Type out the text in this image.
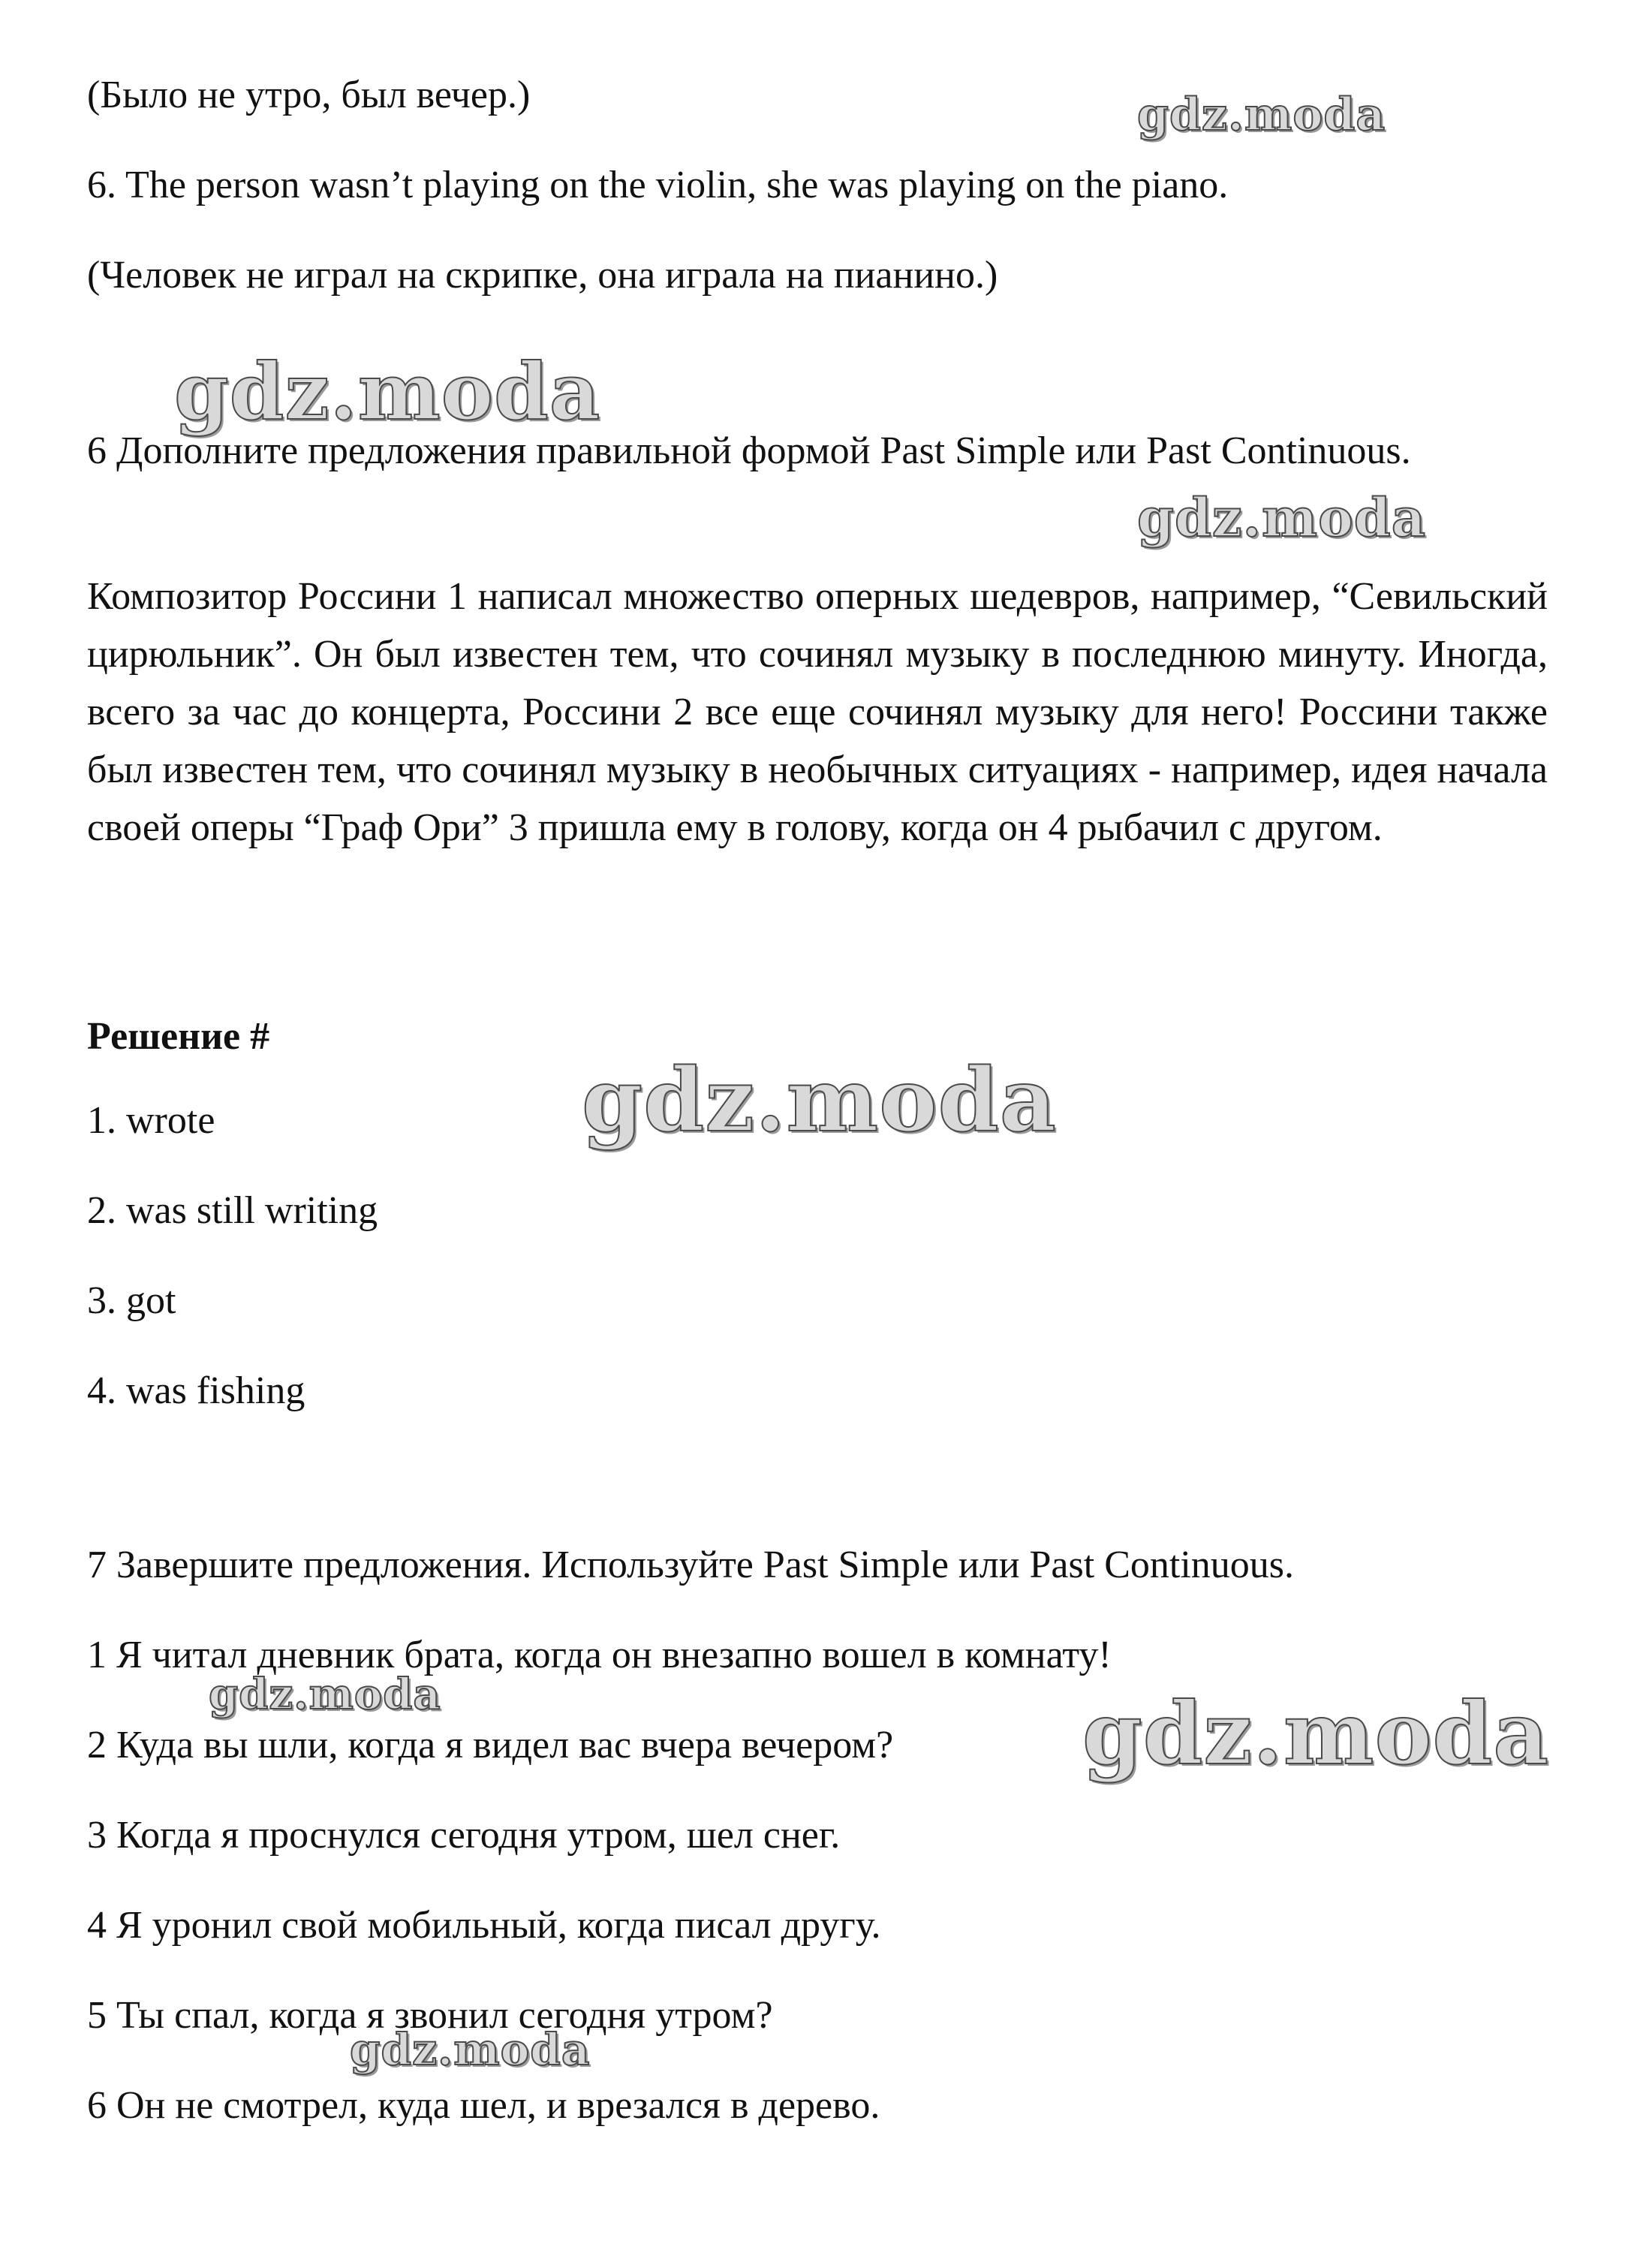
(Было не утро, был вечер.)
6. The person wasn’t playing on the violin, she was playing on the piano.
(Человек не играл на скрипке, она играла на пианино.)

6 Дополните предложения правильной формой Past Simple или Past Continuous.

Композитор Россини 1 написал множество оперных шедевров, например, “Севильский цирюльник”. Он был известен тем, что сочинял музыку в последнюю минуту. Иногда, всего за час до концерта, Россини 2 все еще сочинял музыку для него! Россини также был известен тем, что сочинял музыку в необычных ситуациях - например, идея начала своей оперы “Граф Ори” 3 пришла ему в голову, когда он 4 рыбачил с другом.

Решение #
1. wrote
2. was still writing
3. got
4. was fishing
7 Завершите предложения. Используйте Past Simple или Past Continuous.
1 Я читал дневник брата, когда он внезапно вошел в комнату!
2 Куда вы шли, когда я видел вас вчера вечером?
3 Когда я проснулся сегодня утром, шел снег.
4 Я уронил свой мобильный, когда писал другу.
5 Ты спал, когда я звонил сегодня утром?
6 Он не смотрел, куда шел, и врезался в дерево.
gdz.moda
gdz.moda
gdz.moda
gdz.moda
gdz.moda	gdz.moda
gdz.moda
